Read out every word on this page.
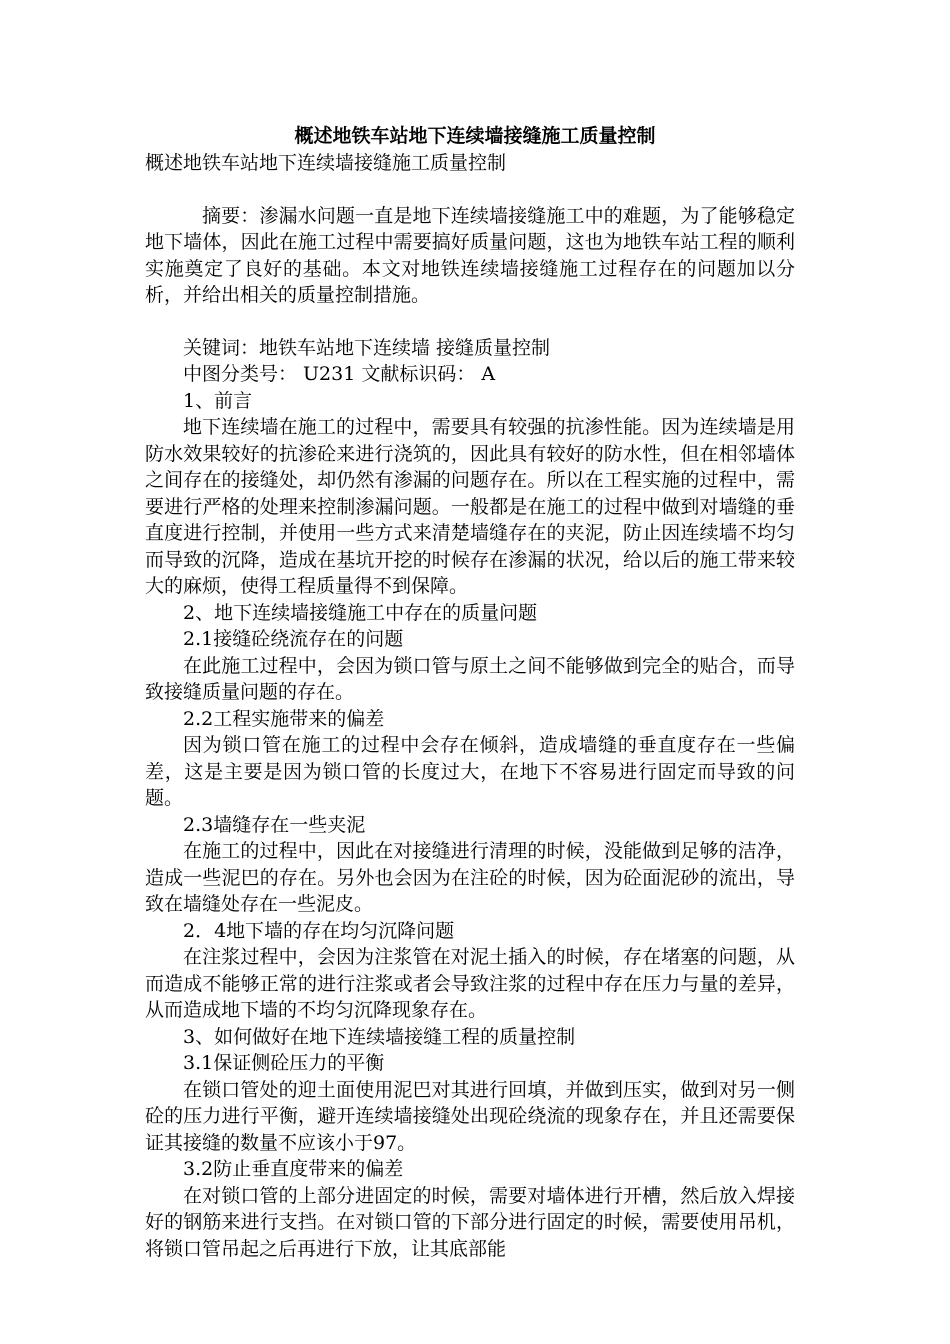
概述地铁车站地下连续墙接缝施工质量控制

概述地铁车站地下连续墙接缝施工质量控制

摘要：渗漏水问题一直是地下连续墙接缝施工中的难题，为了能够稳定地下墙体，因此在施工过程中需要搞好质量问题，这也为地铁车站工程的顺利实施奠定了良好的基础。本文对地铁连续墙接缝施工过程存在的问题加以分析，并给出相关的质量控制措施。

关键词：地铁车站地下连续墙 接缝质量控制

中图分类号： U231 文献标识码： A

1、前言

地下连续墙在施工的过程中，需要具有较强的抗渗性能。因为连续墙是用防水效果较好的抗渗砼来进行浇筑的，因此具有较好的防水性，但在相邻墙体之间存在的接缝处，却仍然有渗漏的问题存在。所以在工程实施的过程中，需要进行严格的处理来控制渗漏问题。一般都是在施工的过程中做到对墙缝的垂直度进行控制，并使用一些方式来清楚墙缝存在的夹泥，防止因连续墙不均匀而导致的沉降，造成在基坑开挖的时候存在渗漏的状况，给以后的施工带来较大的麻烦，使得工程质量得不到保障。

2、地下连续墙接缝施工中存在的质量问题

2.1接缝砼绕流存在的问题

在此施工过程中，会因为锁口管与原土之间不能够做到完全的贴合，而导致接缝质量问题的存在。

2.2工程实施带来的偏差

因为锁口管在施工的过程中会存在倾斜，造成墙缝的垂直度存在一些偏差，这是主要是因为锁口管的长度过大，在地下不容易进行固定而导致的问题。

2.3墙缝存在一些夹泥

在施工的过程中，因此在对接缝进行清理的时候，没能做到足够的洁净，造成一些泥巴的存在。另外也会因为在注砼的时候，因为砼面泥砂的流出，导致在墙缝处存在一些泥皮。

2．4地下墙的存在均匀沉降问题

在注浆过程中，会因为注浆管在对泥土插入的时候，存在堵塞的问题，从而造成不能够正常的进行注浆或者会导致注浆的过程中存在压力与量的差异，从而造成地下墙的不均匀沉降现象存在。

3、如何做好在地下连续墙接缝工程的质量控制

3.1保证侧砼压力的平衡

在锁口管处的迎土面使用泥巴对其进行回填，并做到压实，做到对另一侧砼的压力进行平衡，避开连续墙接缝处出现砼绕流的现象存在，并且还需要保证其接缝的数量不应该小于97。

3.2防止垂直度带来的偏差

在对锁口管的上部分进固定的时候，需要对墙体进行开槽，然后放入焊接好的钢筋来进行支挡。在对锁口管的下部分进行固定的时候，需要使用吊机，将锁口管吊起之后再进行下放，让其底部能
